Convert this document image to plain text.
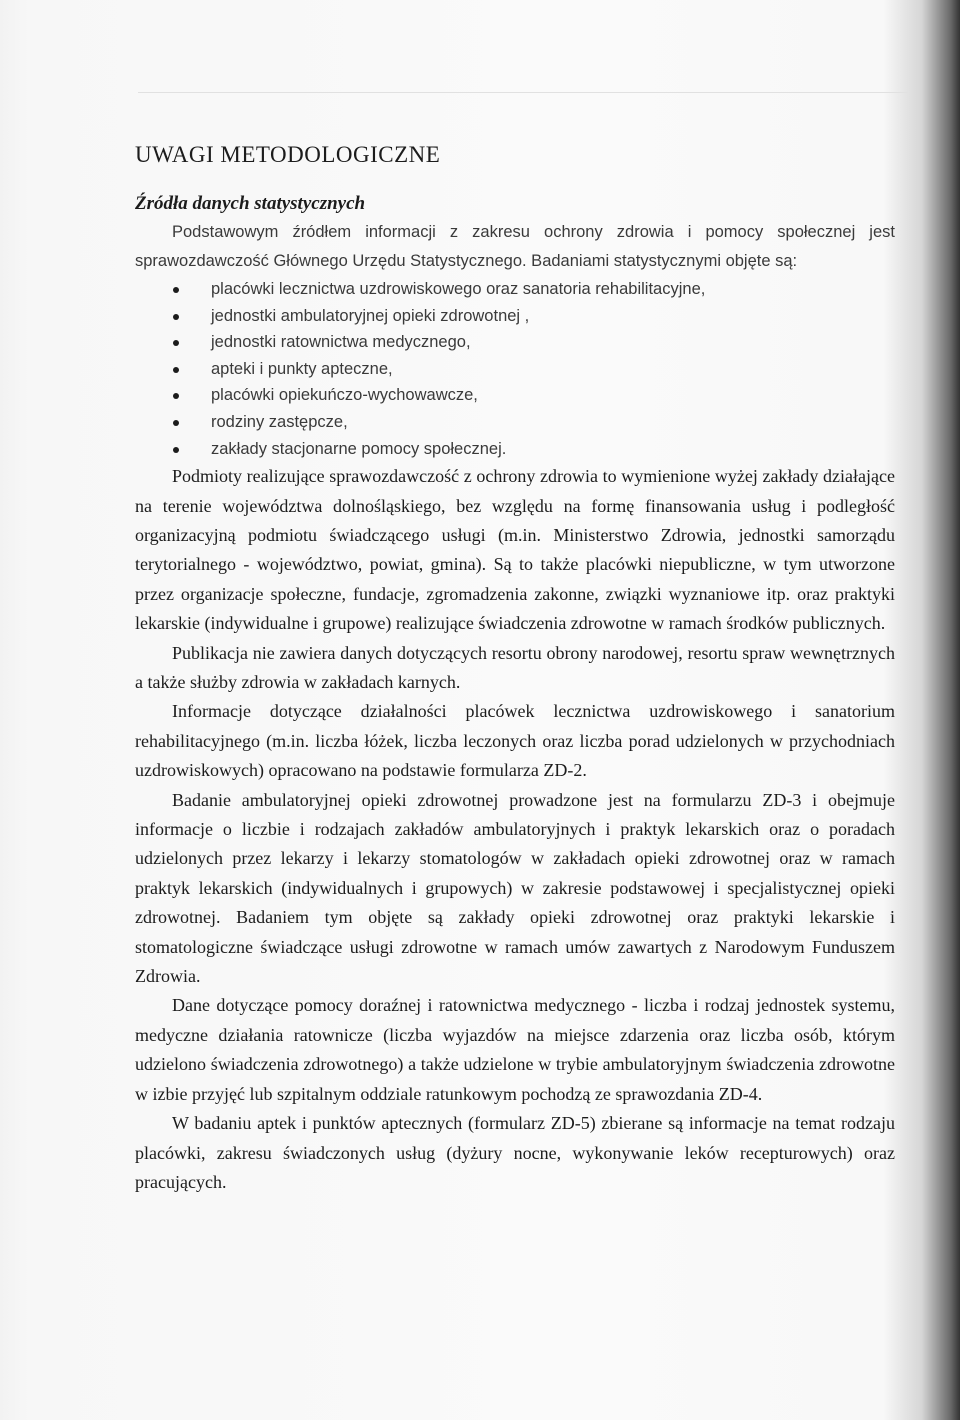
UWAGI METODOLOGICZNE
Źródła danych statystycznych

Podstawowym źródłem informacji z zakresu ochrony zdrowia i pomocy społecznej jest sprawozdawczość Głównego Urzędu Statystycznego. Badaniami statystycznymi objęte są:

placówki lecznictwa uzdrowiskowego oraz sanatoria rehabilitacyjne,
jednostki ambulatoryjnej opieki zdrowotnej ,
jednostki ratownictwa medycznego,
apteki i punkty apteczne,
placówki opiekuńczo-wychowawcze,
rodziny zastępcze,
zakłady stacjonarne pomocy społecznej.

Podmioty realizujące sprawozdawczość z ochrony zdrowia to wymienione wyżej zakłady działające na terenie województwa dolnośląskiego, bez względu na formę finansowania usług i podległość organizacyjną podmiotu świadczącego usługi (m.in. Ministerstwo Zdrowia, jednostki samorządu terytorialnego - województwo, powiat, gmina). Są to także placówki niepubliczne, w tym utworzone przez organizacje społeczne, fundacje, zgromadzenia zakonne, związki wyznaniowe itp. oraz praktyki lekarskie (indywidualne i grupowe) realizujące świadczenia zdrowotne w ramach środków publicznych.

Publikacja nie zawiera danych dotyczących resortu obrony narodowej, resortu spraw wewnętrznych a także służby zdrowia w zakładach karnych.

Informacje dotyczące działalności placówek lecznictwa uzdrowiskowego i sanatorium rehabilitacyjnego (m.in. liczba łóżek, liczba leczonych oraz liczba porad udzielonych w przychodniach uzdrowiskowych) opracowano na podstawie formularza ZD-2.

Badanie ambulatoryjnej opieki zdrowotnej prowadzone jest na formularzu ZD-3 i obejmuje informacje o liczbie i rodzajach zakładów ambulatoryjnych i praktyk lekarskich oraz o poradach udzielonych przez lekarzy i lekarzy stomatologów w zakładach opieki zdrowotnej oraz w ramach praktyk lekarskich (indywidualnych i grupowych) w zakresie podstawowej i specjalistycznej opieki zdrowotnej. Badaniem tym objęte są zakłady opieki zdrowotnej oraz praktyki lekarskie i stomatologiczne świadczące usługi zdrowotne w ramach umów zawartych z Narodowym Funduszem Zdrowia.

Dane dotyczące pomocy doraźnej i ratownictwa medycznego - liczba i rodzaj jednostek systemu, medyczne działania ratownicze (liczba wyjazdów na miejsce zdarzenia oraz liczba osób, którym udzielono świadczenia zdrowotnego) a także udzielone w trybie ambulatoryjnym świadczenia zdrowotne w izbie przyjęć lub szpitalnym oddziale ratunkowym pochodzą ze sprawozdania ZD-4.

W badaniu aptek i punktów aptecznych (formularz ZD-5) zbierane są informacje na temat rodzaju placówki, zakresu świadczonych usług (dyżury nocne, wykonywanie leków recepturowych) oraz pracujących.
